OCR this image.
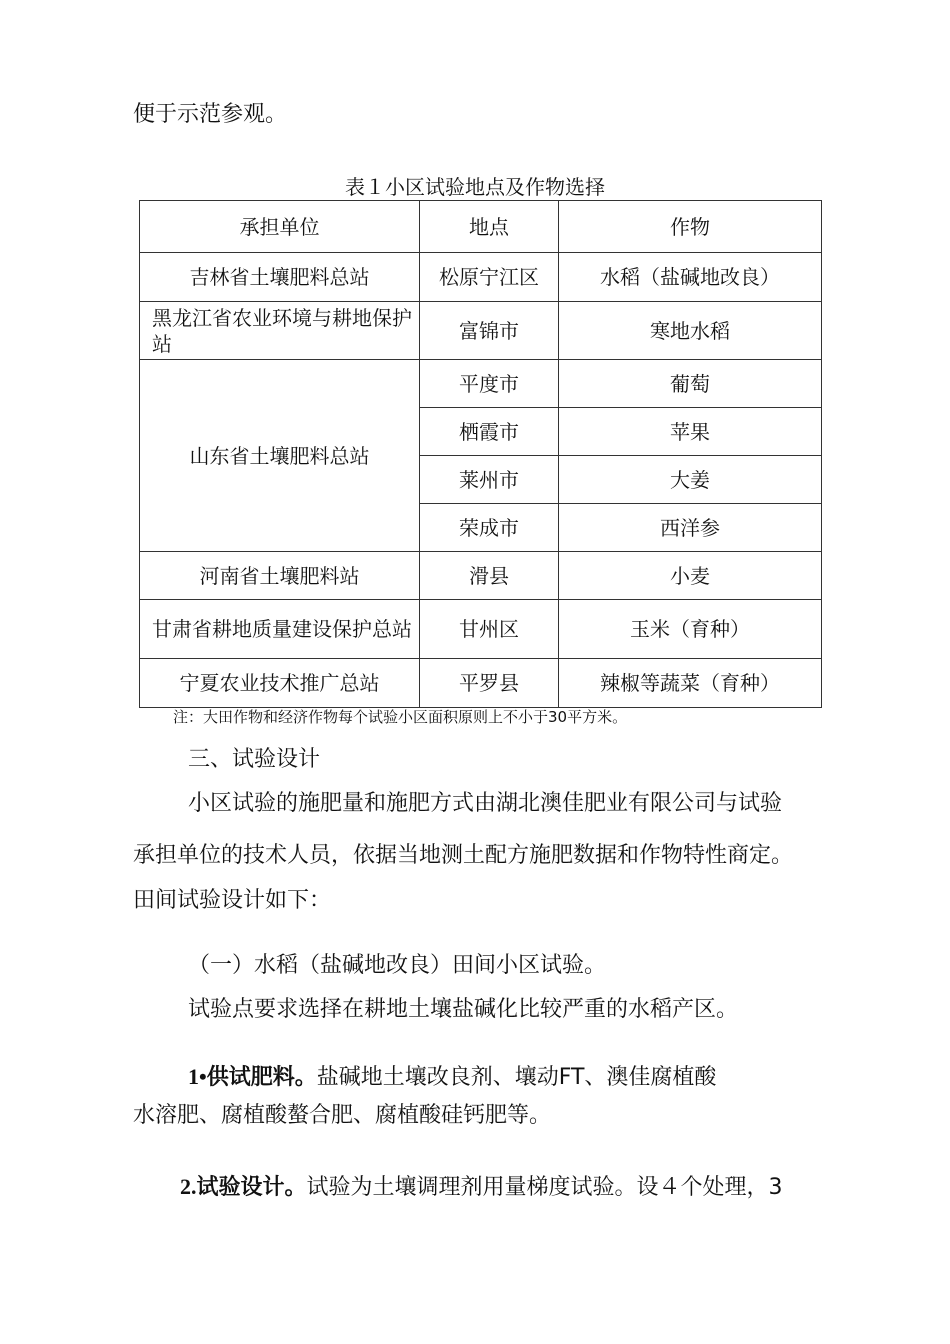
便于示范参观。
表１小区试验地点及作物选择
承担单位	地点	作物
吉林省土壤肥料总站	松原宁江区	水稻（盐碱地改良）
黑龙江省农业环境与耕地保护站	富锦市	寒地水稻
山东省土壤肥料总站	平度市	葡萄
	栖霞市	苹果
	莱州市	大姜
	荣成市	西洋参
河南省土壤肥料站	滑县	小麦
甘肃省耕地质量建设保护总站	甘州区	玉米（育种）
宁夏农业技术推广总站	平罗县	辣椒等蔬菜（育种）
注：大田作物和经济作物每个试验小区面积原则上不小于30平方米。
三、试验设计
小区试验的施肥量和施肥方式由湖北澳佳肥业有限公司与试验
承担单位的技术人员，依据当地测土配方施肥数据和作物特性商定。
田间试验设计如下：
（一）水稻（盐碱地改良）田间小区试验。
试验点要求选择在耕地土壤盐碱化比较严重的水稻产区。
1•供试肥料。盐碱地土壤改良剂、壤动FT、澳佳腐植酸
水溶肥、腐植酸螯合肥、腐植酸硅钙肥等。
2.试验设计。试验为土壤调理剂用量梯度试验。设４个处理，3
